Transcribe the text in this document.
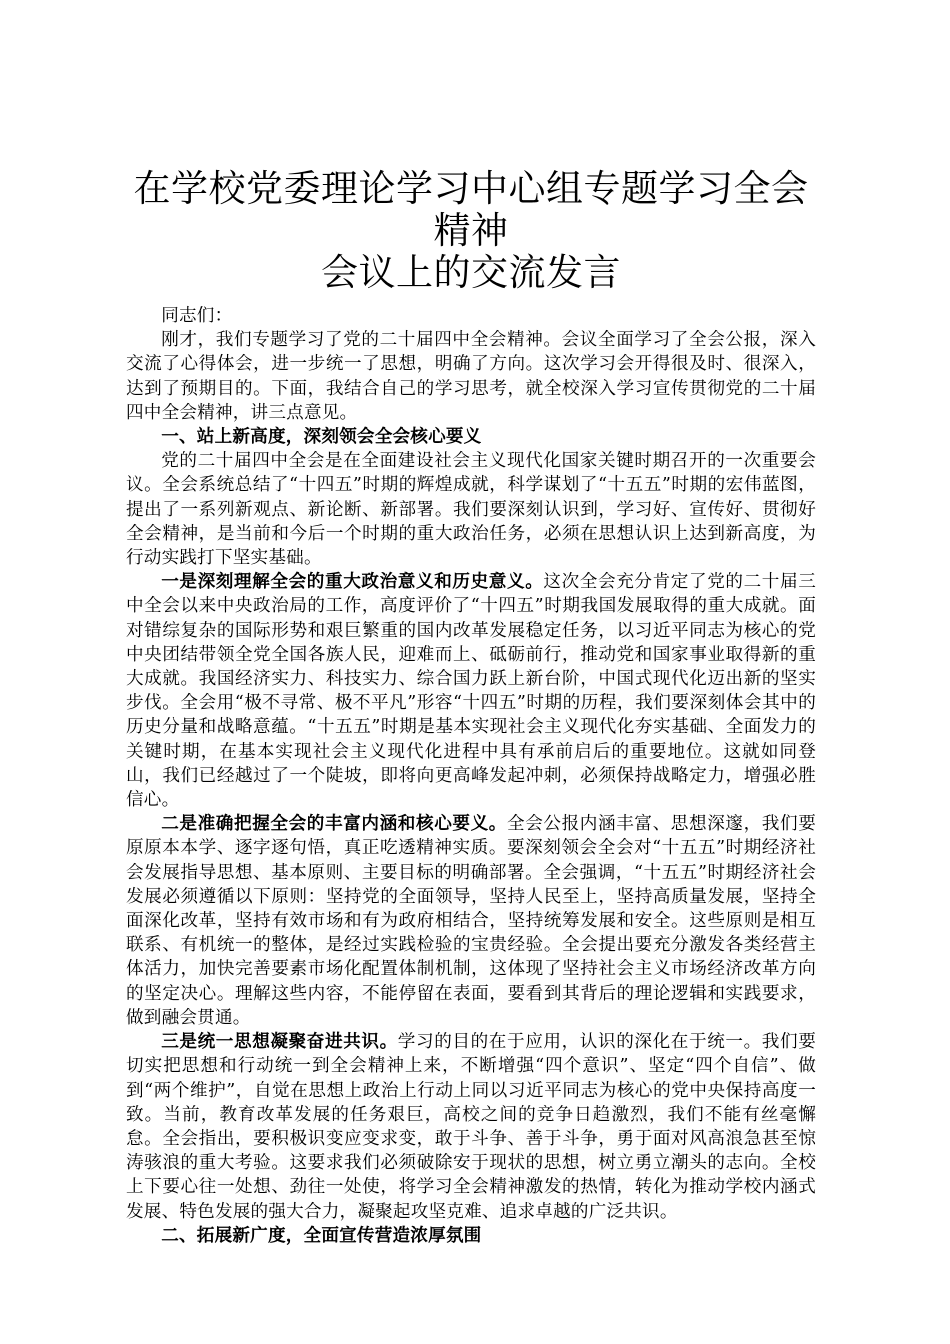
在学校党委理论学习中心组专题学习全会精神
会议上的交流发言

同志们：

刚才，我们专题学习了党的二十届四中全会精神。会议全面学习了全会公报，深入交流了心得体会，进一步统一了思想，明确了方向。这次学习会开得很及时、很深入，达到了预期目的。下面，我结合自己的学习思考，就全校深入学习宣传贯彻党的二十届四中全会精神，讲三点意见。

一、站上新高度，深刻领会全会核心要义

党的二十届四中全会是在全面建设社会主义现代化国家关键时期召开的一次重要会议。全会系统总结了“十四五”时期的辉煌成就，科学谋划了“十五五”时期的宏伟蓝图，提出了一系列新观点、新论断、新部署。我们要深刻认识到，学习好、宣传好、贯彻好全会精神，是当前和今后一个时期的重大政治任务，必须在思想认识上达到新高度，为行动实践打下坚实基础。

一是深刻理解全会的重大政治意义和历史意义。这次全会充分肯定了党的二十届三中全会以来中央政治局的工作，高度评价了“十四五”时期我国发展取得的重大成就。面对错综复杂的国际形势和艰巨繁重的国内改革发展稳定任务，以习近平同志为核心的党中央团结带领全党全国各族人民，迎难而上、砥砺前行，推动党和国家事业取得新的重大成就。我国经济实力、科技实力、综合国力跃上新台阶，中国式现代化迈出新的坚实步伐。全会用“极不寻常、极不平凡”形容“十四五”时期的历程，我们要深刻体会其中的历史分量和战略意蕴。“十五五”时期是基本实现社会主义现代化夯实基础、全面发力的关键时期，在基本实现社会主义现代化进程中具有承前启后的重要地位。这就如同登山，我们已经越过了一个陡坡，即将向更高峰发起冲刺，必须保持战略定力，增强必胜信心。

二是准确把握全会的丰富内涵和核心要义。全会公报内涵丰富、思想深邃，我们要原原本本学、逐字逐句悟，真正吃透精神实质。要深刻领会全会对“十五五”时期经济社会发展指导思想、基本原则、主要目标的明确部署。全会强调，“十五五”时期经济社会发展必须遵循以下原则：坚持党的全面领导，坚持人民至上，坚持高质量发展，坚持全面深化改革，坚持有效市场和有为政府相结合，坚持统筹发展和安全。这些原则是相互联系、有机统一的整体，是经过实践检验的宝贵经验。全会提出要充分激发各类经营主体活力，加快完善要素市场化配置体制机制，这体现了坚持社会主义市场经济改革方向的坚定决心。理解这些内容，不能停留在表面，要看到其背后的理论逻辑和实践要求，做到融会贯通。

三是统一思想凝聚奋进共识。学习的目的在于应用，认识的深化在于统一。我们要切实把思想和行动统一到全会精神上来，不断增强“四个意识”、坚定“四个自信”、做到“两个维护”，自觉在思想上政治上行动上同以习近平同志为核心的党中央保持高度一致。当前，教育改革发展的任务艰巨，高校之间的竞争日趋激烈，我们不能有丝毫懈怠。全会指出，要积极识变应变求变，敢于斗争、善于斗争，勇于面对风高浪急甚至惊涛骇浪的重大考验。这要求我们必须破除安于现状的思想，树立勇立潮头的志向。全校上下要心往一处想、劲往一处使，将学习全会精神激发的热情，转化为推动学校内涵式发展、特色发展的强大合力，凝聚起攻坚克难、追求卓越的广泛共识。

二、拓展新广度，全面宣传营造浓厚氛围
